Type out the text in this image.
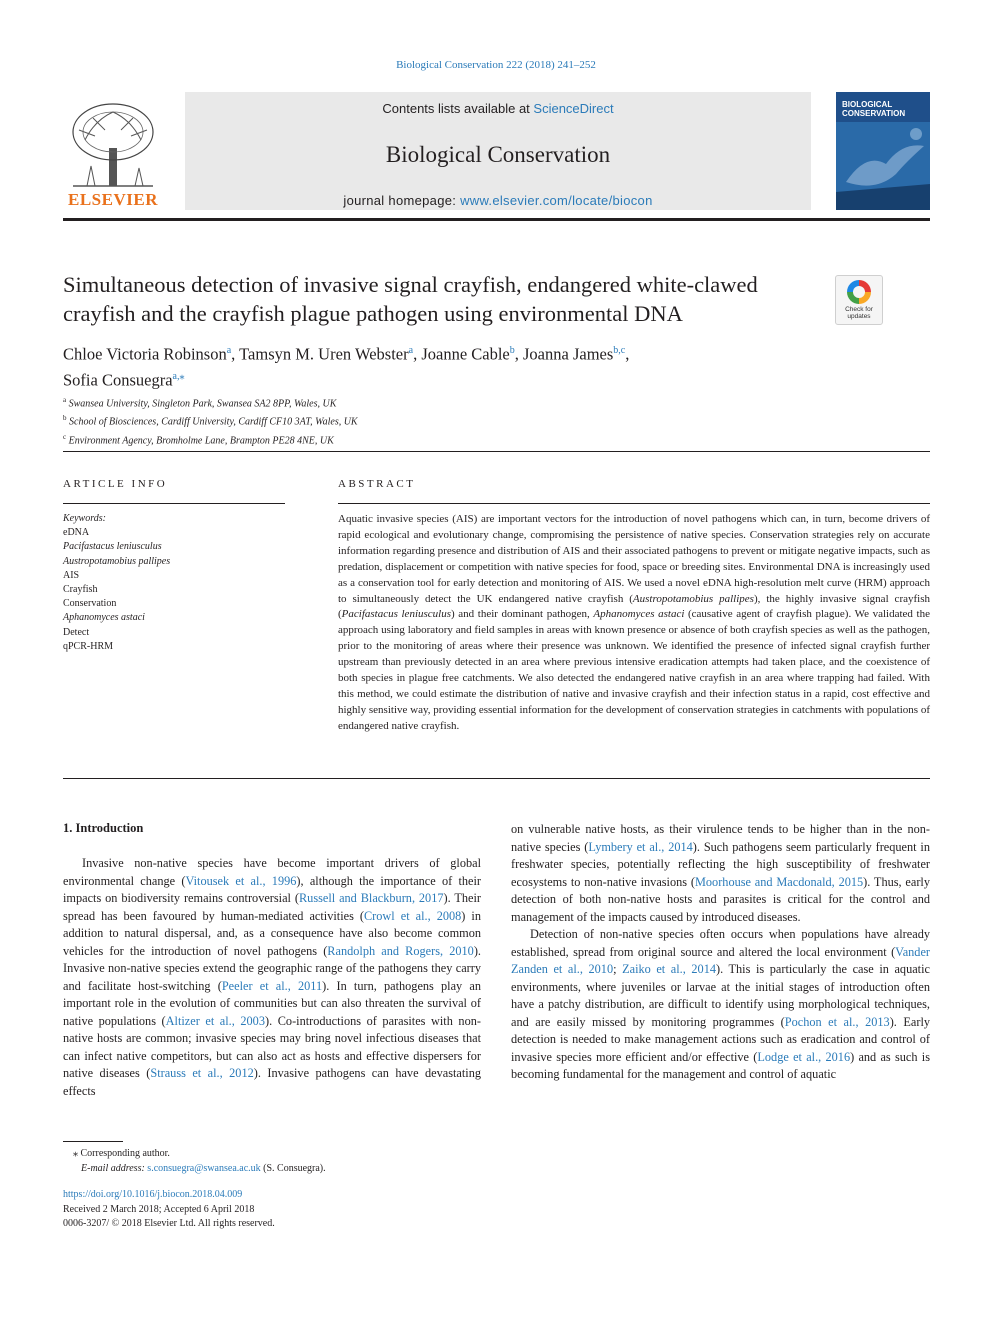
Biological Conservation 222 (2018) 241–252
ELSEVIER
Contents lists available at ScienceDirect
Biological Conservation
journal homepage: www.elsevier.com/locate/biocon
BIOLOGICAL
CONSERVATION
Simultaneous detection of invasive signal crayfish, endangered white-clawed crayfish and the crayfish plague pathogen using environmental DNA	Check for updates
Chloe Victoria Robinson$^a$, Tamsyn M. Uren Webster$^a$, Joanne Cable$^b$, Joanna James$^{b,c}$,
Sofia Consuegra$^{a,⁎}$
$^a$ Swansea University, Singleton Park, Swansea SA2 8PP, Wales, UK
$^b$ School of Biosciences, Cardiff University, Cardiff CF10 3AT, Wales, UK
$^c$ Environment Agency, Bromholme Lane, Brampton PE28 4NE, UK
ARTICLE INFO
Keywords:
eDNA
Pacifastacus leniusculus
Austropotamobius pallipes
AIS
Crayfish
Conservation
Aphanomyces astaci
Detect
qPCR-HRM
ABSTRACT
Aquatic invasive species (AIS) are important vectors for the introduction of novel pathogens which can, in turn, become drivers of rapid ecological and evolutionary change, compromising the persistence of native species. Conservation strategies rely on accurate information regarding presence and distribution of AIS and their associated pathogens to prevent or mitigate negative impacts, such as predation, displacement or competition with native species for food, space or breeding sites. Environmental DNA is increasingly used as a conservation tool for early detection and monitoring of AIS. We used a novel eDNA high-resolution melt curve (HRM) approach to simultaneously detect the UK endangered native crayfish (Austropotamobius pallipes), the highly invasive signal crayfish (Pacifastacus leniusculus) and their dominant pathogen, Aphanomyces astaci (causative agent of crayfish plague). We validated the approach using laboratory and field samples in areas with known presence or absence of both crayfish species as well as the pathogen, prior to the monitoring of areas where their presence was unknown. We identified the presence of infected signal crayfish further upstream than previously detected in an area where previous intensive eradication attempts had taken place, and the coexistence of both species in plague free catchments. We also detected the endangered native crayfish in an area where trapping had failed. With this method, we could estimate the distribution of native and invasive crayfish and their infection status in a rapid, cost effective and highly sensitive way, providing essential information for the development of conservation strategies in catchments with populations of endangered native crayfish.
1. Introduction

Invasive non-native species have become important drivers of global environmental change (Vitousek et al., 1996), although the importance of their impacts on biodiversity remains controversial (Russell and Blackburn, 2017). Their spread has been favoured by human-mediated activities (Crowl et al., 2008) in addition to natural dispersal, and, as a consequence have also become common vehicles for the introduction of novel pathogens (Randolph and Rogers, 2010). Invasive non-native species extend the geographic range of the pathogens they carry and facilitate host-switching (Peeler et al., 2011). In turn, pathogens play an important role in the evolution of communities but can also threaten the survival of native populations (Altizer et al., 2003). Co-introductions of parasites with non-native hosts are common; invasive species may bring novel infectious diseases that can infect native competitors, but can also act as hosts and effective dispersers for native diseases (Strauss et al., 2012). Invasive pathogens can have devastating effects

on vulnerable native hosts, as their virulence tends to be higher than in the non-native species (Lymbery et al., 2014). Such pathogens seem particularly frequent in freshwater species, potentially reflecting the high susceptibility of freshwater ecosystems to non-native invasions (Moorhouse and Macdonald, 2015). Thus, early detection of both non-native hosts and parasites is critical for the control and management of the impacts caused by introduced diseases.

Detection of non-native species often occurs when populations have already established, spread from original source and altered the local environment (Vander Zanden et al., 2010; Zaiko et al., 2014). This is particularly the case in aquatic environments, where juveniles or larvae at the initial stages of introduction often have a patchy distribution, are difficult to identify using morphological techniques, and are easily missed by monitoring programmes (Pochon et al., 2013). Early detection is needed to make management actions such as eradication and control of invasive species more efficient and/or effective (Lodge et al., 2016) and as such is becoming fundamental for the management and control of aquatic

⁎ Corresponding author.
E-mail address: s.consuegra@swansea.ac.uk (S. Consuegra).
https://doi.org/10.1016/j.biocon.2018.04.009
Received 2 March 2018; Accepted 6 April 2018
0006-3207/ © 2018 Elsevier Ltd. All rights reserved.
